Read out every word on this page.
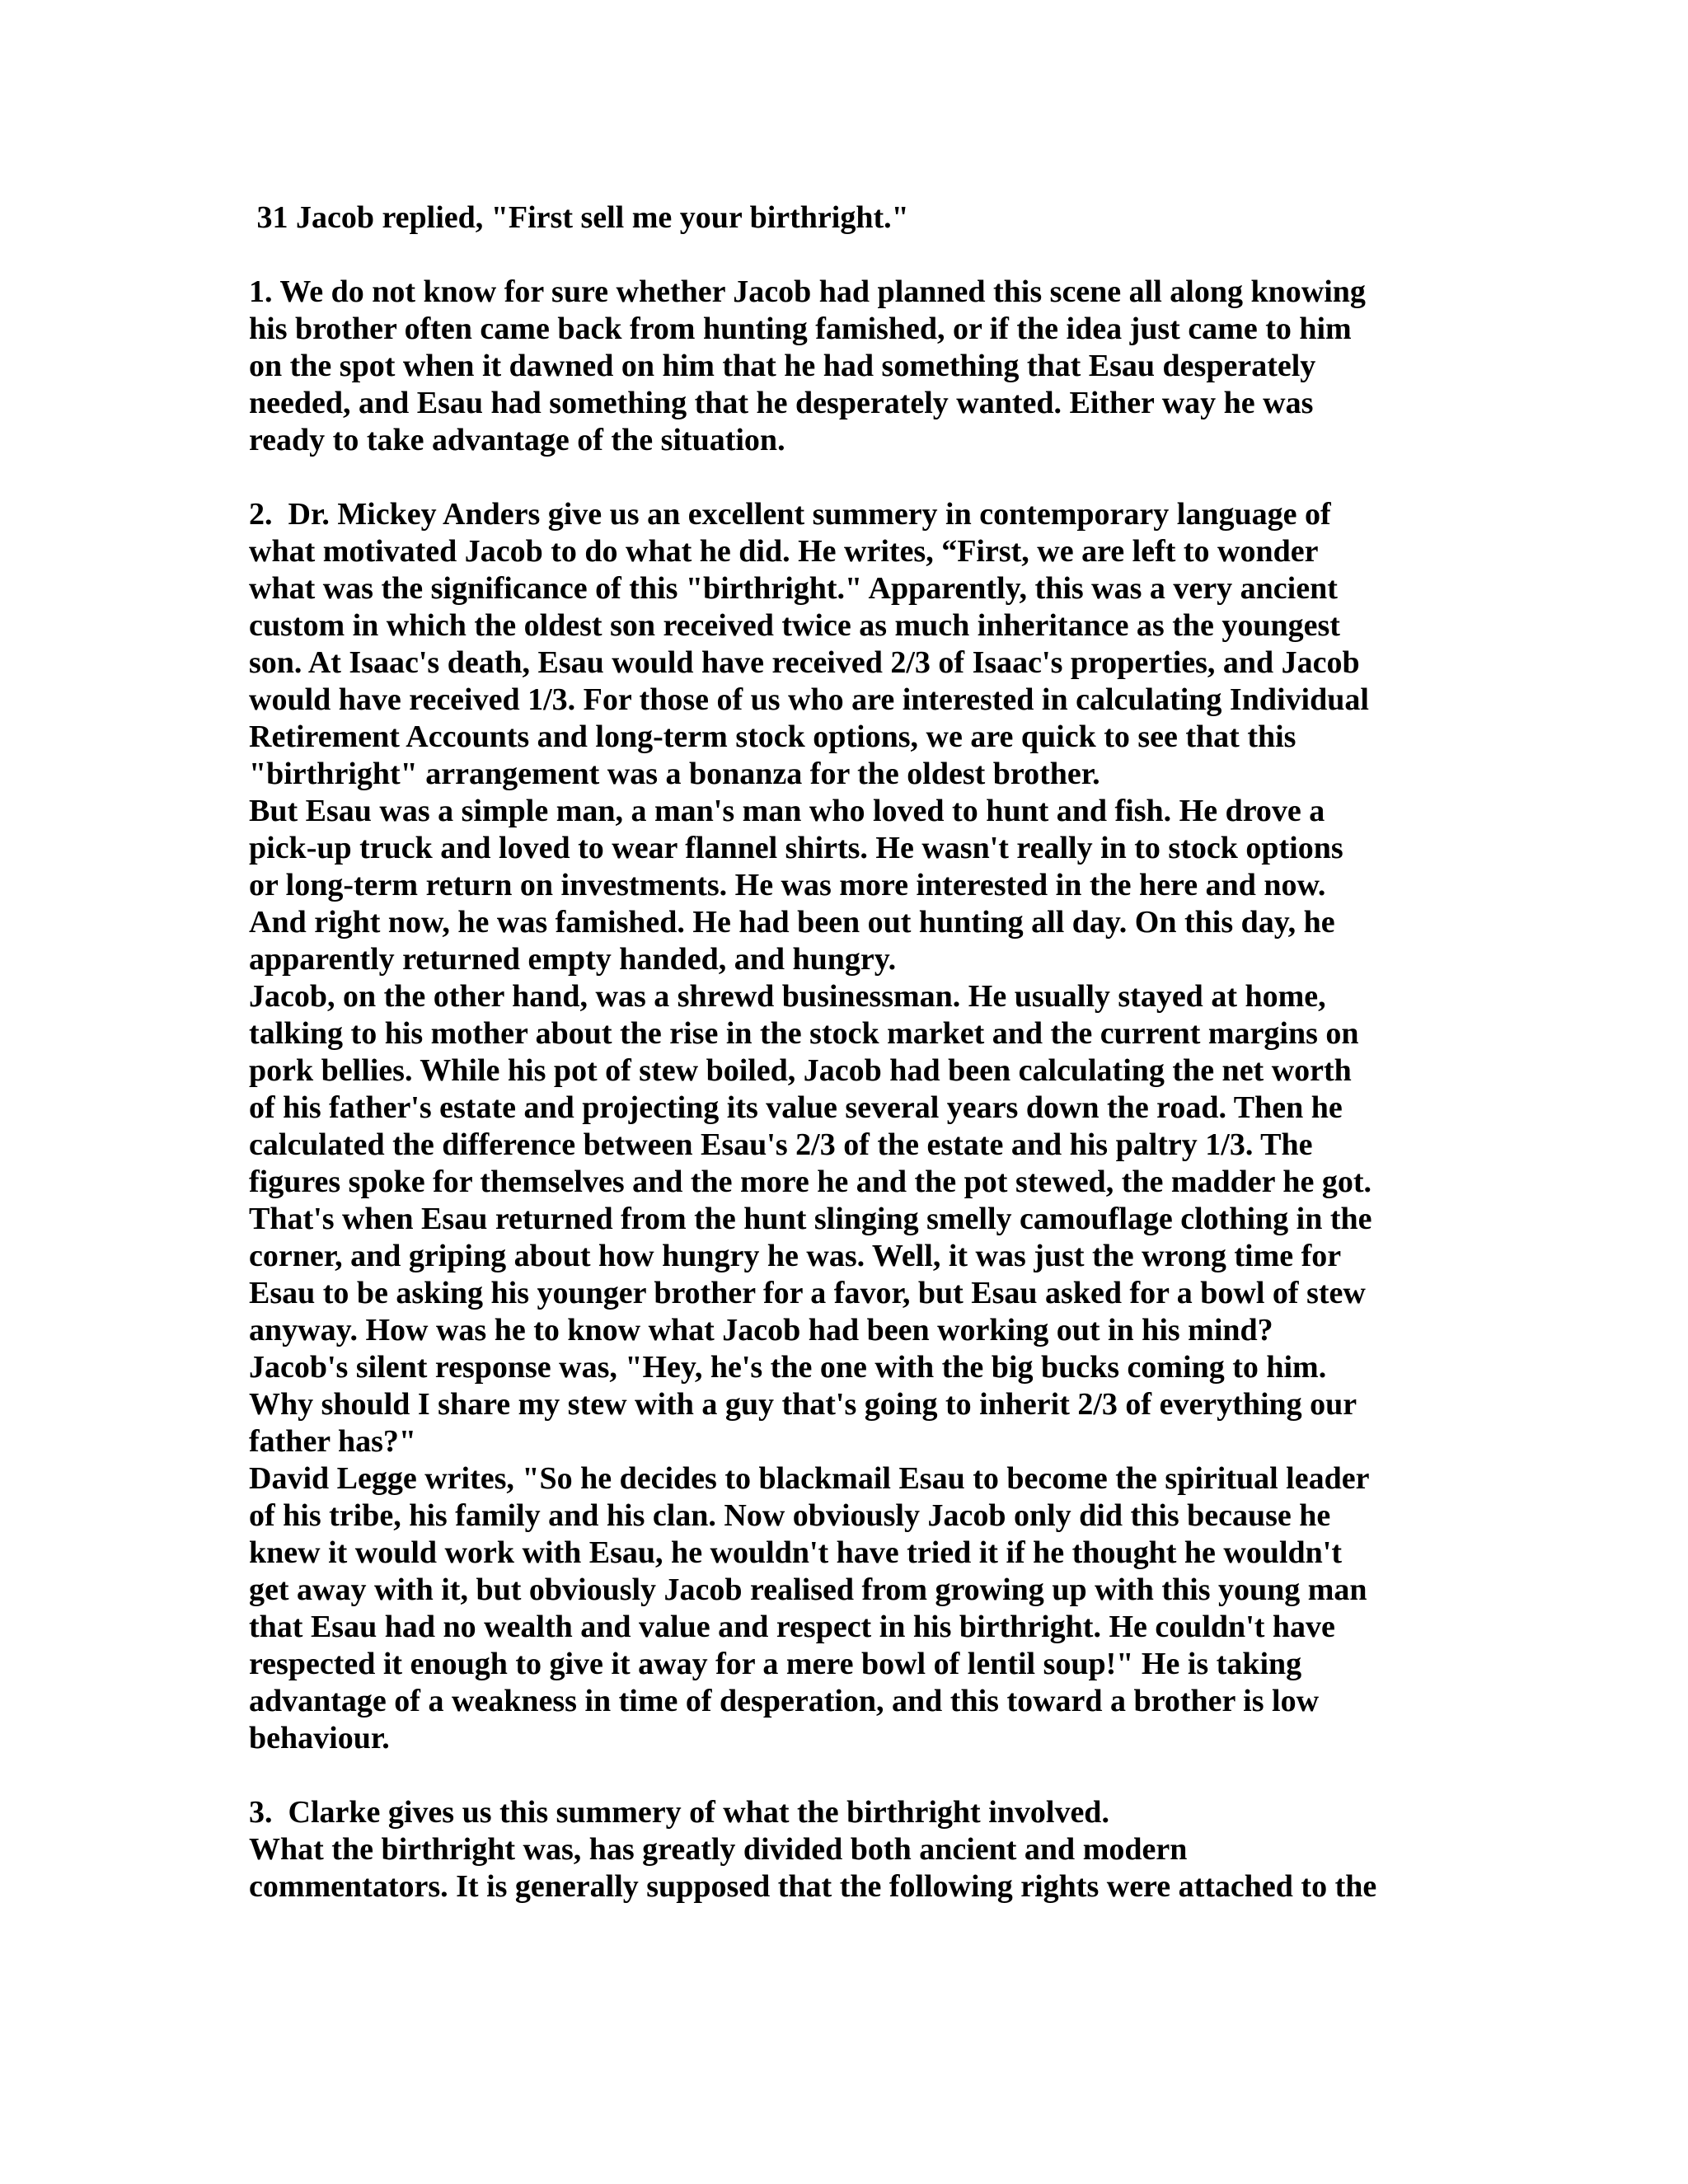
31 Jacob replied, "First sell me your birthright."
1. We do not know for sure whether Jacob had planned this scene all along knowing
his brother often came back from hunting famished, or if the idea just came to him
on the spot when it dawned on him that he had something that Esau desperately
needed, and Esau had something that he desperately wanted. Either way he was
ready to take advantage of the situation.
2.  Dr. Mickey Anders give us an excellent summery in contemporary language of
what motivated Jacob to do what he did. He writes, “First, we are left to wonder
what was the significance of this "birthright." Apparently, this was a very ancient
custom in which the oldest son received twice as much inheritance as the youngest
son. At Isaac's death, Esau would have received 2/3 of Isaac's properties, and Jacob
would have received 1/3. For those of us who are interested in calculating Individual
Retirement Accounts and long-term stock options, we are quick to see that this
"birthright" arrangement was a bonanza for the oldest brother.
But Esau was a simple man, a man's man who loved to hunt and fish. He drove a
pick-up truck and loved to wear flannel shirts. He wasn't really in to stock options
or long-term return on investments. He was more interested in the here and now.
And right now, he was famished. He had been out hunting all day. On this day, he
apparently returned empty handed, and hungry.
Jacob, on the other hand, was a shrewd businessman. He usually stayed at home,
talking to his mother about the rise in the stock market and the current margins on
pork bellies. While his pot of stew boiled, Jacob had been calculating the net worth
of his father's estate and projecting its value several years down the road. Then he
calculated the difference between Esau's 2/3 of the estate and his paltry 1/3. The
figures spoke for themselves and the more he and the pot stewed, the madder he got.
That's when Esau returned from the hunt slinging smelly camouflage clothing in the
corner, and griping about how hungry he was. Well, it was just the wrong time for
Esau to be asking his younger brother for a favor, but Esau asked for a bowl of stew
anyway. How was he to know what Jacob had been working out in his mind?
Jacob's silent response was, "Hey, he's the one with the big bucks coming to him.
Why should I share my stew with a guy that's going to inherit 2/3 of everything our
father has?"
David Legge writes, "So he decides to blackmail Esau to become the spiritual leader
of his tribe, his family and his clan. Now obviously Jacob only did this because he
knew it would work with Esau, he wouldn't have tried it if he thought he wouldn't
get away with it, but obviously Jacob realised from growing up with this young man
that Esau had no wealth and value and respect in his birthright. He couldn't have
respected it enough to give it away for a mere bowl of lentil soup!" He is taking
advantage of a weakness in time of desperation, and this toward a brother is low
behaviour.
3.  Clarke gives us this summery of what the birthright involved.
What the birthright was, has greatly divided both ancient and modern
commentators. It is generally supposed that the following rights were attached to the
